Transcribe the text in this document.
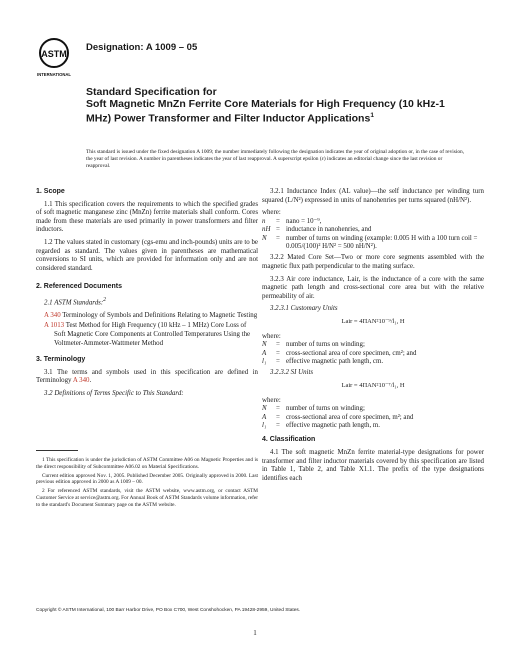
ASTM
INTERNATIONAL
Designation: A 1009 – 05
Standard Specification for
Soft Magnetic MnZn Ferrite Core Materials for High Frequency (10 kHz-1 MHz) Power Transformer and Filter Inductor Applications$^1$
This standard is issued under the fixed designation A 1009; the number immediately following the designation indicates the year of original adoption or, in the case of revision, the year of last revision. A number in parentheses indicates the year of last reapproval. A superscript epsilon (ε) indicates an editorial change since the last revision or reapproval.
1. Scope
1.1 This specification covers the requirements to which the specified grades of soft magnetic manganese zinc (MnZn) ferrite materials shall conform. Cores made from these materials are used primarily in power transformers and filter inductors.
1.2 The values stated in customary (cgs-emu and inch-pounds) units are to be regarded as standard. The values given in parentheses are mathematical conversions to SI units, which are provided for information only and are not considered standard.
2. Referenced Documents
2.1 ASTM Standards:$^2$
A 340 Terminology of Symbols and Definitions Relating to Magnetic Testing
A 1013 Test Method for High Frequency (10 kHz – 1 MHz) Core Loss of Soft Magnetic Core Components at Controlled Temperatures Using the Voltmeter-Ammeter-Wattmeter Method
3. Terminology
3.1 The terms and symbols used in this specification are defined in Terminology A 340.
3.2 Definitions of Terms Specific to This Standard:
1 This specification is under the jurisdiction of ASTM Committee A06 on Magnetic Properties and is the direct responsibility of Subcommittee A06.02 on Material Specifications.
Current edition approved Nov. 1, 2005. Published December 2005. Originally approved in 2000. Last previous edition approved in 2000 as A 1009 – 00.
2 For referenced ASTM standards, visit the ASTM website, www.astm.org, or contact ASTM Customer Service at service@astm.org. For Annual Book of ASTM Standards volume information, refer to the standard's Document Summary page on the ASTM website.
3.2.1 Inductance Index (AL value)—the self inductance per winding turn squared (L/N²) expressed in units of nanohenries per turns squared (nH/N²).
where:
n	= nano = 10⁻⁹,
nH = inductance in nanohenries, and
N	= number of turns on winding (example: 0.005 H with a 100 turn coil = 0.005/(100)² H/N² = 500 nH/N²).
3.2.2 Mated Core Set—Two or more core segments assembled with the magnetic flux path perpendicular to the mating surface.
3.2.3 Air core inductance, Lair, is the inductance of a core with the same magnetic path length and cross-sectional core area but with the relative permeability of air.
3.2.3.1 Customary Units
Lair = 4ΠAN²10⁻⁹/l₁, H
where:
N	= number of turns on winding;
A	= cross-sectional area of core specimen, cm²; and
l₁	= effective magnetic path length, cm.
3.2.3.2 SI Units
Lair = 4ΠAN²10⁻⁷/l₁, H
where:
N	= number of turns on winding;
A	= cross-sectional area of core specimen, m²; and
l₁	= effective magnetic path length, m.
4. Classification
4.1 The soft magnetic MnZn ferrite material-type designations for power transformer and filter inductor materials covered by this specification are listed in Table 1, Table 2, and Table X1.1. The prefix of the type designations identifies each
Copyright © ASTM International, 100 Barr Harbor Drive, PO Box C700, West Conshohocken, PA 19428-2959, United States.
1
